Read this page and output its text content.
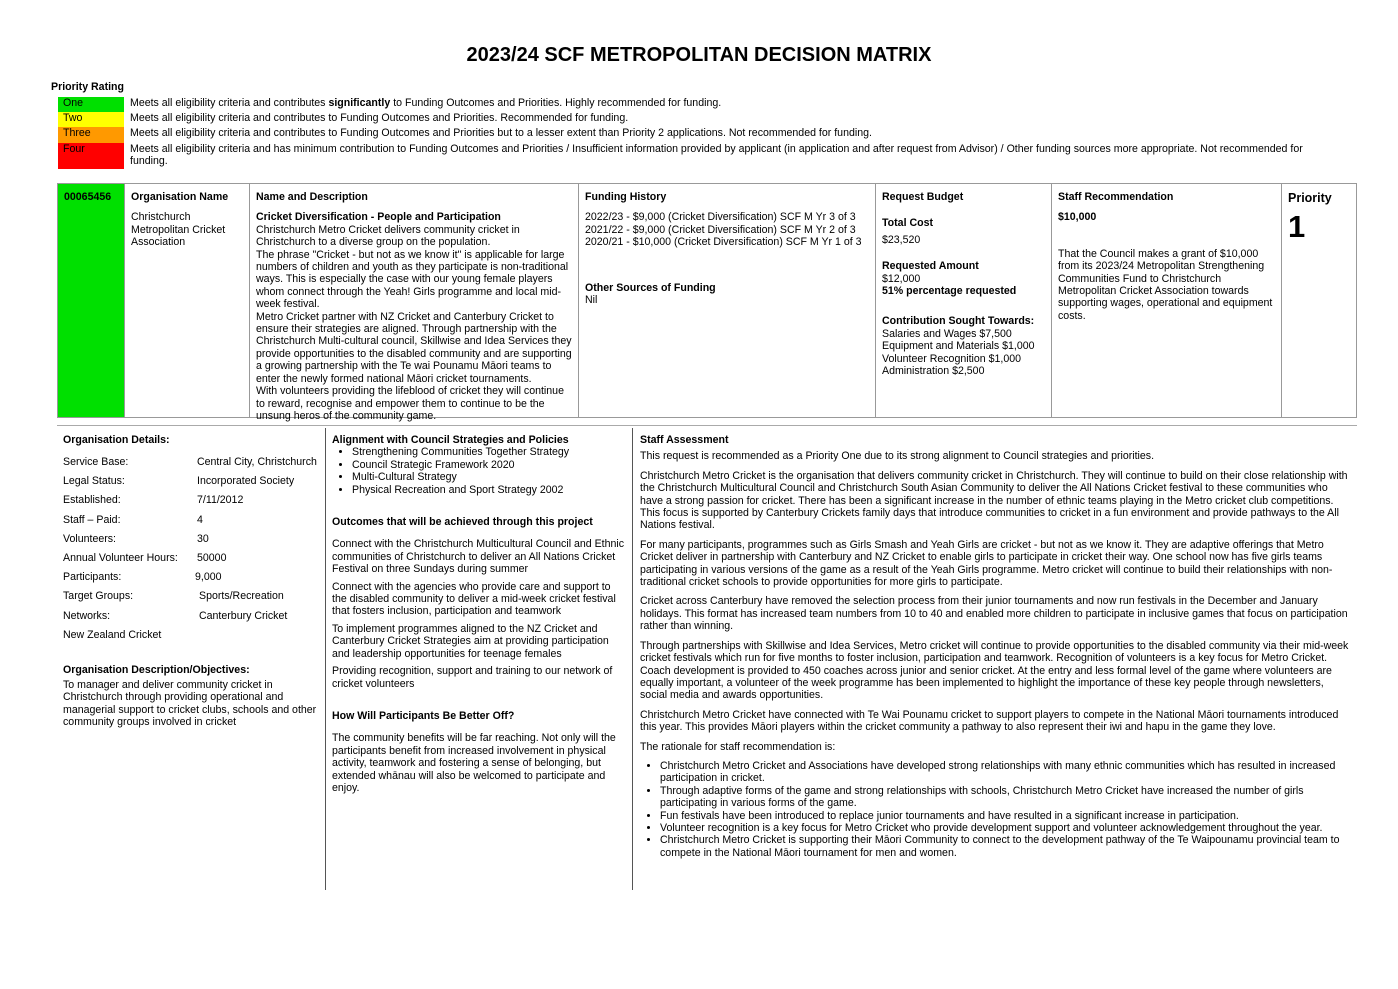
2023/24 SCF METROPOLITAN DECISION MATRIX
Priority Rating
One	Meets all eligibility criteria and contributes significantly to Funding Outcomes and Priorities. Highly recommended for funding.
Two	Meets all eligibility criteria and contributes to Funding Outcomes and Priorities. Recommended for funding.
Three	Meets all eligibility criteria and contributes to Funding Outcomes and Priorities but to a lesser extent than Priority 2 applications. Not recommended for funding.
Four	Meets all eligibility criteria and has minimum contribution to Funding Outcomes and Priorities / Insufficient information provided by applicant (in application and after request from Advisor) / Other funding sources more appropriate. Not recommended for funding.
00065456	Organisation Name
Christchurch Metropolitan Cricket Association
Name and Description
Cricket Diversification - People and Participation
Christchurch Metro Cricket delivers community cricket in Christchurch to a diverse group on the population.
The phrase "Cricket - but not as we know it" is applicable for large numbers of children and youth as they participate is non-traditional ways. This is especially the case with our young female players whom connect through the Yeah! Girls programme and local mid-week festival.
Metro Cricket partner with NZ Cricket and Canterbury Cricket to ensure their strategies are aligned. Through partnership with the Christchurch Multi-cultural council, Skillwise and Idea Services they provide opportunities to the disabled community and are supporting a growing partnership with the Te wai Pounamu Māori teams to enter the newly formed national Māori cricket tournaments.
With volunteers providing the lifeblood of cricket they will continue to reward, recognise and empower them to continue to be the unsung heros of the community game.
Funding History
2022/23 - $9,000 (Cricket Diversification) SCF M Yr 3 of 3
2021/22 - $9,000 (Cricket Diversification) SCF M Yr 2 of 3
2020/21 - $10,000 (Cricket Diversification) SCF M Yr 1 of 3
Other Sources of Funding
Nil
Request Budget
Total Cost
$23,520
Requested Amount
$12,000
51% percentage requested
Contribution Sought Towards:
Salaries and Wages $7,500
Equipment and Materials $1,000
Volunteer Recognition $1,000
Administration $2,500
Staff Recommendation
$10,000
That the Council makes a grant of $10,000 from its 2023/24 Metropolitan Strengthening Communities Fund to Christchurch Metropolitan Cricket Association towards supporting wages, operational and equipment costs.
Priority
1
Organisation Details:
Service Base:	Central City, Christchurch
Legal Status:	Incorporated Society
Established:	7/11/2012
Staff – Paid:	4
Volunteers:	30
Annual Volunteer Hours: 50000
Participants:	9,000
Target Groups:	Sports/Recreation
Networks:	Canterbury Cricket
New Zealand Cricket
Organisation Description/Objectives:
To manager and deliver community cricket in Christchurch through providing operational and managerial support to cricket clubs, schools and other community groups involved in cricket
Alignment with Council Strategies and Policies
• Strengthening Communities Together Strategy
• Council Strategic Framework 2020
• Multi-Cultural Strategy
• Physical Recreation and Sport Strategy 2002
Outcomes that will be achieved through this project
Connect with the Christchurch Multicultural Council and Ethnic communities of Christchurch to deliver an All Nations Cricket Festival on three Sundays during summer
Connect with the agencies who provide care and support to the disabled community to deliver a mid-week cricket festival that fosters inclusion, participation and teamwork
To implement programmes aligned to the NZ Cricket and Canterbury Cricket Strategies aim at providing participation and leadership opportunities for teenage females
Providing recognition, support and training to our network of cricket volunteers
How Will Participants Be Better Off?
The community benefits will be far reaching. Not only will the participants benefit from increased involvement in physical activity, teamwork and fostering a sense of belonging, but extended whānau will also be welcomed to participate and enjoy.
Staff Assessment

This request is recommended as a Priority One due to its strong alignment to Council strategies and priorities.

Christchurch Metro Cricket is the organisation that delivers community cricket in Christchurch. They will continue to build on their close relationship with the Christchurch Multicultural Council and Christchurch South Asian Community to deliver the All Nations Cricket festival to these communities who have a strong passion for cricket. There has been a significant increase in the number of ethnic teams playing in the Metro cricket club competitions. This focus is supported by Canterbury Crickets family days that introduce communities to cricket in a fun environment and provide pathways to the All Nations festival.

For many participants, programmes such as Girls Smash and Yeah Girls are cricket - but not as we know it. They are adaptive offerings that Metro Cricket deliver in partnership with Canterbury and NZ Cricket to enable girls to participate in cricket their way. One school now has five girls teams participating in various versions of the game as a result of the Yeah Girls programme. Metro cricket will continue to build their relationships with non-traditional cricket schools to provide opportunities for more girls to participate.

Cricket across Canterbury have removed the selection process from their junior tournaments and now run festivals in the December and January holidays. This format has increased team numbers from 10 to 40 and enabled more children to participate in inclusive games that focus on participation rather than winning.

Through partnerships with Skillwise and Idea Services, Metro cricket will continue to provide opportunities to the disabled community via their mid-week cricket festivals which run for five months to foster inclusion, participation and teamwork. Recognition of volunteers is a key focus for Metro Cricket. Coach development is provided to 450 coaches across junior and senior cricket. At the entry and less formal level of the game where volunteers are equally important, a volunteer of the week programme has been implemented to highlight the importance of these key people through newsletters, social media and awards opportunities.

Christchurch Metro Cricket have connected with Te Wai Pounamu cricket to support players to compete in the National Māori tournaments introduced this year. This provides Māori players within the cricket community a pathway to also represent their iwi and hapu in the game they love.

The rationale for staff recommendation is:

• Christchurch Metro Cricket and Associations have developed strong relationships with many ethnic communities which has resulted in increased participation in cricket.
• Through adaptive forms of the game and strong relationships with schools, Christchurch Metro Cricket have increased the number of girls participating in various forms of the game.
• Fun festivals have been introduced to replace junior tournaments and have resulted in a significant increase in participation.
• Volunteer recognition is a key focus for Metro Cricket who provide development support and volunteer acknowledgement throughout the year.
• Christchurch Metro Cricket is supporting their Māori Community to connect to the development pathway of the Te Waipounamu provincial team to compete in the National Māori tournament for men and women.
